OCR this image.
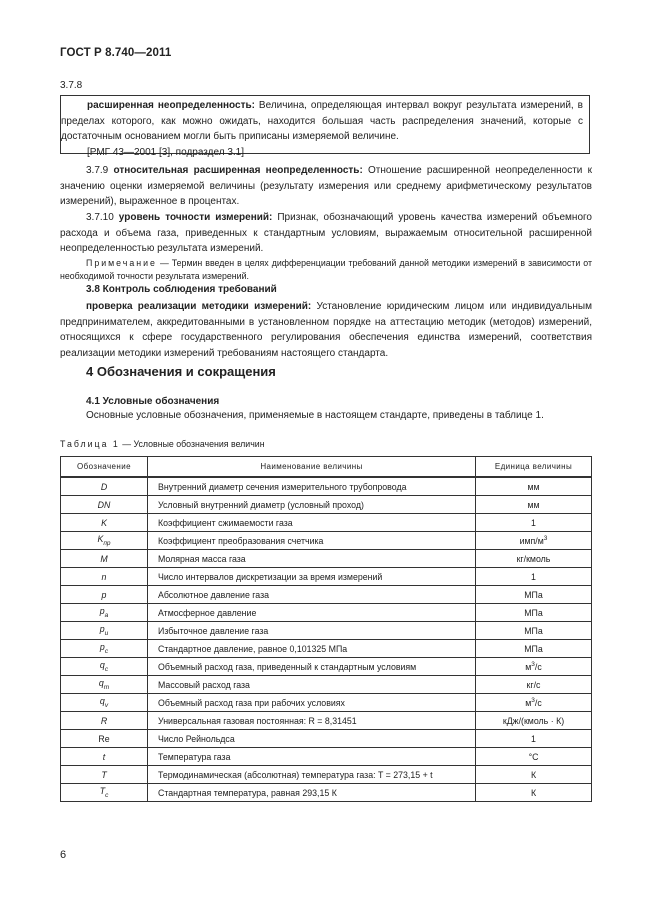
ГОСТ Р 8.740—2011
3.7.8
расширенная неопределенность: Величина, определяющая интервал вокруг результата измерений, в пределах которого, как можно ожидать, находится большая часть распределения значений, которые с достаточным основанием могли быть приписаны измеряемой величине.
[РМГ 43—2001 [3], подраздел 3.1]
3.7.9 относительная расширенная неопределенность: Отношение расширенной неопределенности к значению оценки измеряемой величины (результату измерения или среднему арифметическому результатов измерений), выраженное в процентах.
3.7.10 уровень точности измерений: Признак, обозначающий уровень качества измерений объемного расхода и объема газа, приведенных к стандартным условиям, выражаемым относительной расширенной неопределенностью результата измерений.
Примечание — Термин введен в целях дифференциации требований данной методики измерений в зависимости от необходимой точности результата измерений.
3.8 Контроль соблюдения требований
проверка реализации методики измерений: Установление юридическим лицом или индивидуальным предпринимателем, аккредитованными в установленном порядке на аттестацию методик (методов) измерений, относящихся к сфере государственного регулирования обеспечения единства измерений, соответствия реализации методики измерений требованиям настоящего стандарта.
4 Обозначения и сокращения
4.1 Условные обозначения
Основные условные обозначения, применяемые в настоящем стандарте, приведены в таблице 1.
Таблица 1 — Условные обозначения величин
Обозначение	Наименование величины	Единица величины
D	Внутренний диаметр сечения измерительного трубопровода	мм
DN	Условный внутренний диаметр (условный проход)	мм
K	Коэффициент сжимаемости газа	1
$K_{пр}$	Коэффициент преобразования счетчика	имп/$м^3$
M	Молярная масса газа	кг/кмоль
n	Число интервалов дискретизации за время измерений	1
p	Абсолютное давление газа	МПа
$p_а$	Атмосферное давление	МПа
$p_и$	Избыточное давление газа	МПа
$p_c$	Стандартное давление, равное 0,101325 МПа	МПа
$q_c$	Объемный расход газа, приведенный к стандартным условиям	$м^3/с$
$q_m$	Массовый расход газа	кг/с
$q_v$	Объемный расход газа при рабочих условиях	$м^3/с$
R	Универсальная газовая постоянная: R = 8,31451	кДж/(кмоль · К)
Re	Число Рейнольдса	1
t	Температура газа	°С
T	Термодинамическая (абсолютная) температура газа: T = 273,15 + t	К
$T_c$	Стандартная температура, равная 293,15 К	К
6
